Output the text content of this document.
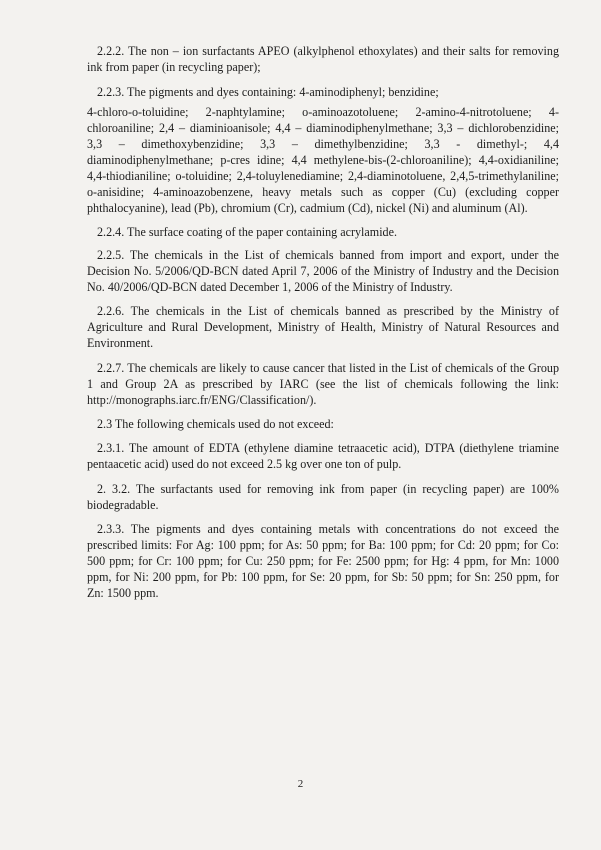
2.2.2. The non – ion surfactants APEO (alkylphenol ethoxylates) and their salts for removing ink from paper (in recycling paper);

2.2.3. The pigments and dyes containing: 4-aminodiphenyl; benzidine;

4-chloro-o-toluidine; 2-naphtylamine; o-aminoazotoluene; 2-amino-4-nitrotoluene; 4-chloroaniline; 2,4 – diaminioanisole; 4,4 – diaminodiphenylmethane; 3,3 – dichlorobenzidine; 3,3 – dimethoxybenzidine; 3,3 – dimethylbenzidine; 3,3 - dimethyl-; 4,4 diaminodiphenylmethane; p-cres idine; 4,4 methylene-bis-(2-chloroaniline); 4,4-oxidianiline; 4,4-thiodianiline; o-toluidine; 2,4-toluylenediamine; 2,4-diaminotoluene, 2,4,5-trimethylaniline; o-anisidine; 4-aminoazobenzene, heavy metals such as copper (Cu) (excluding copper phthalocyanine), lead (Pb), chromium (Cr), cadmium (Cd), nickel (Ni) and aluminum (Al).

2.2.4. The surface coating of the paper containing acrylamide.

2.2.5. The chemicals in the List of chemicals banned from import and export, under the Decision No. 5/2006/QD-BCN dated April 7, 2006 of the Ministry of Industry and the Decision No. 40/2006/QD-BCN dated December 1, 2006 of the Ministry of Industry.

2.2.6. The chemicals in the List of chemicals banned as prescribed by the Ministry of Agriculture and Rural Development, Ministry of Health, Ministry of Natural Resources and Environment.

2.2.7. The chemicals are likely to cause cancer that listed in the List of chemicals of the Group 1 and Group 2A as prescribed by IARC (see the list of chemicals following the link: http://monographs.iarc.fr/ENG/Classification/).

2.3 The following chemicals used do not exceed:

2.3.1. The amount of EDTA (ethylene diamine tetraacetic acid), DTPA (diethylene triamine pentaacetic acid) used do not exceed 2.5 kg over one ton of pulp.

2. 3.2. The surfactants used for removing ink from paper (in recycling paper) are 100% biodegradable.

2.3.3. The pigments and dyes containing metals with concentrations do not exceed the prescribed limits: For Ag: 100 ppm; for As: 50 ppm; for Ba: 100 ppm; for Cd: 20 ppm; for Co: 500 ppm; for Cr: 100 ppm; for Cu: 250 ppm; for Fe: 2500 ppm; for Hg: 4 ppm, for Mn: 1000 ppm, for Ni: 200 ppm, for Pb: 100 ppm, for Se: 20 ppm, for Sb: 50 ppm; for Sn: 250 ppm, for Zn: 1500 ppm.

2
